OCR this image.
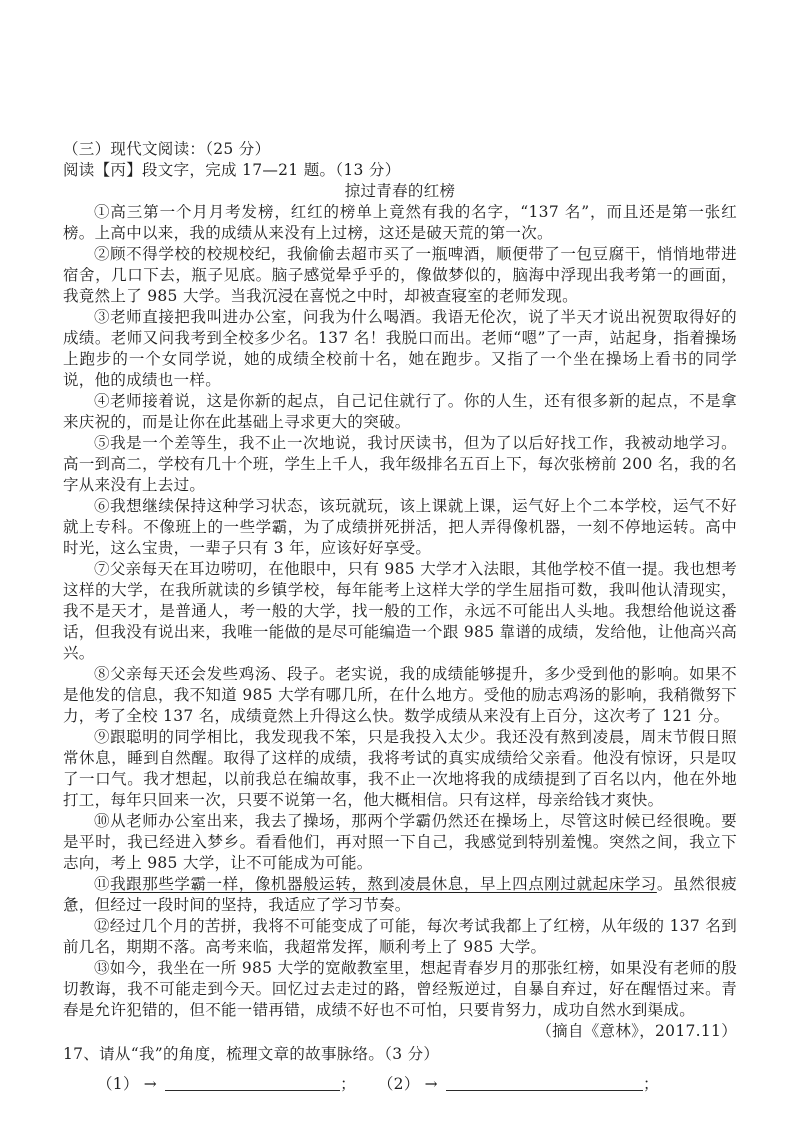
（三）现代文阅读：（25 分）

阅读【丙】段文字，完成 17—21 题。（13 分）

掠过青春的红榜

①高三第一个月月考发榜，红红的榜单上竟然有我的名字，“137 名”，而且还是第一张红榜。上高中以来，我的成绩从来没有上过榜，这还是破天荒的第一次。

②顾不得学校的校规校纪，我偷偷去超市买了一瓶啤酒，顺便带了一包豆腐干，悄悄地带进宿舍，几口下去，瓶子见底。脑子感觉晕乎乎的，像做梦似的，脑海中浮现出我考第一的画面，我竟然上了 985 大学。当我沉浸在喜悦之中时，却被查寝室的老师发现。

③老师直接把我叫进办公室，问我为什么喝酒。我语无伦次，说了半天才说出祝贺取得好的成绩。老师又问我考到全校多少名。137 名！我脱口而出。老师“嗯”了一声，站起身，指着操场上跑步的一个女同学说，她的成绩全校前十名，她在跑步。又指了一个坐在操场上看书的同学说，他的成绩也一样。

④老师接着说，这是你新的起点，自己记住就行了。你的人生，还有很多新的起点，不是拿来庆祝的，而是让你在此基础上寻求更大的突破。

⑤我是一个差等生，我不止一次地说，我讨厌读书，但为了以后好找工作，我被动地学习。高一到高二，学校有几十个班，学生上千人，我年级排名五百上下，每次张榜前 200 名，我的名字从来没有上去过。

⑥我想继续保持这种学习状态，该玩就玩，该上课就上课，运气好上个二本学校，运气不好就上专科。不像班上的一些学霸，为了成绩拼死拼活，把人弄得像机器，一刻不停地运转。高中时光，这么宝贵，一辈子只有 3 年，应该好好享受。

⑦父亲每天在耳边唠叨，在他眼中，只有 985 大学才入法眼，其他学校不值一提。我也想考这样的大学，在我所就读的乡镇学校，每年能考上这样大学的学生屈指可数，我叫他认清现实，我不是天才，是普通人，考一般的大学，找一般的工作，永远不可能出人头地。我想给他说这番话，但我没有说出来，我唯一能做的是尽可能编造一个跟 985 靠谱的成绩，发给他，让他高兴高兴。

⑧父亲每天还会发些鸡汤、段子。老实说，我的成绩能够提升，多少受到他的影响。如果不是他发的信息，我不知道 985 大学有哪几所，在什么地方。受他的励志鸡汤的影响，我稍微努下力，考了全校 137 名，成绩竟然上升得这么快。数学成绩从来没有上百分，这次考了 121 分。

⑨跟聪明的同学相比，我发现我不笨，只是我投入太少。我还没有熬到凌晨，周末节假日照常休息，睡到自然醒。取得了这样的成绩，我将考试的真实成绩给父亲看。他没有惊讶，只是叹了一口气。我才想起，以前我总在编故事，我不止一次地将我的成绩提到了百名以内，他在外地打工，每年只回来一次，只要不说第一名，他大概相信。只有这样，母亲给钱才爽快。

⑩从老师办公室出来，我去了操场，那两个学霸仍然还在操场上，尽管这时候已经很晚。要是平时，我已经进入梦乡。看看他们，再对照一下自己，我感觉到特别羞愧。突然之间，我立下志向，考上 985 大学，让不可能成为可能。

⑪我跟那些学霸一样，像机器般运转，熬到凌晨休息，早上四点刚过就起床学习。虽然很疲惫，但经过一段时间的坚持，我适应了学习节奏。

⑫经过几个月的苦拼，我将不可能变成了可能，每次考试我都上了红榜，从年级的 137 名到前几名，期期不落。高考来临，我超常发挥，顺利考上了 985 大学。

⑬如今，我坐在一所 985 大学的宽敞教室里，想起青春岁月的那张红榜，如果没有老师的殷切教诲，我不可能走到今天。回忆过去走过的路，曾经叛逆过，自暴自弃过，好在醒悟过来。青春是允许犯错的，但不能一错再错，成绩不好也不可怕，只要肯努力，成功自然水到渠成。

（摘自《意林》，2017.11）

17、请从“我”的角度，梳理文章的故事脉络。（3 分）

（1） →	； （2） →	；
